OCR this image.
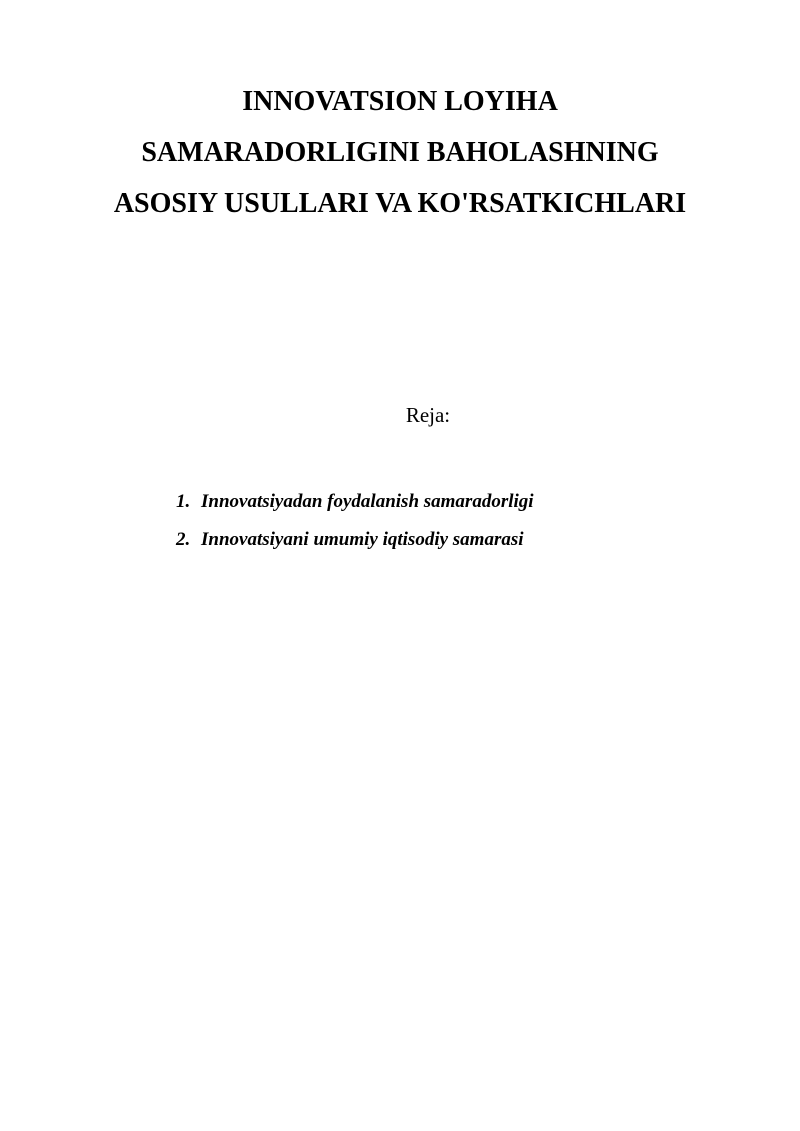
INNOVATSION LOYIHA
SAMARADORLIGINI BAHOLASHNING
ASOSIY USULLARI VA KO'RSATKICHLARI
Reja:
1. Innovatsiyadan foydalanish samaradorligi
2. Innovatsiyani umumiy iqtisodiy samarasi
